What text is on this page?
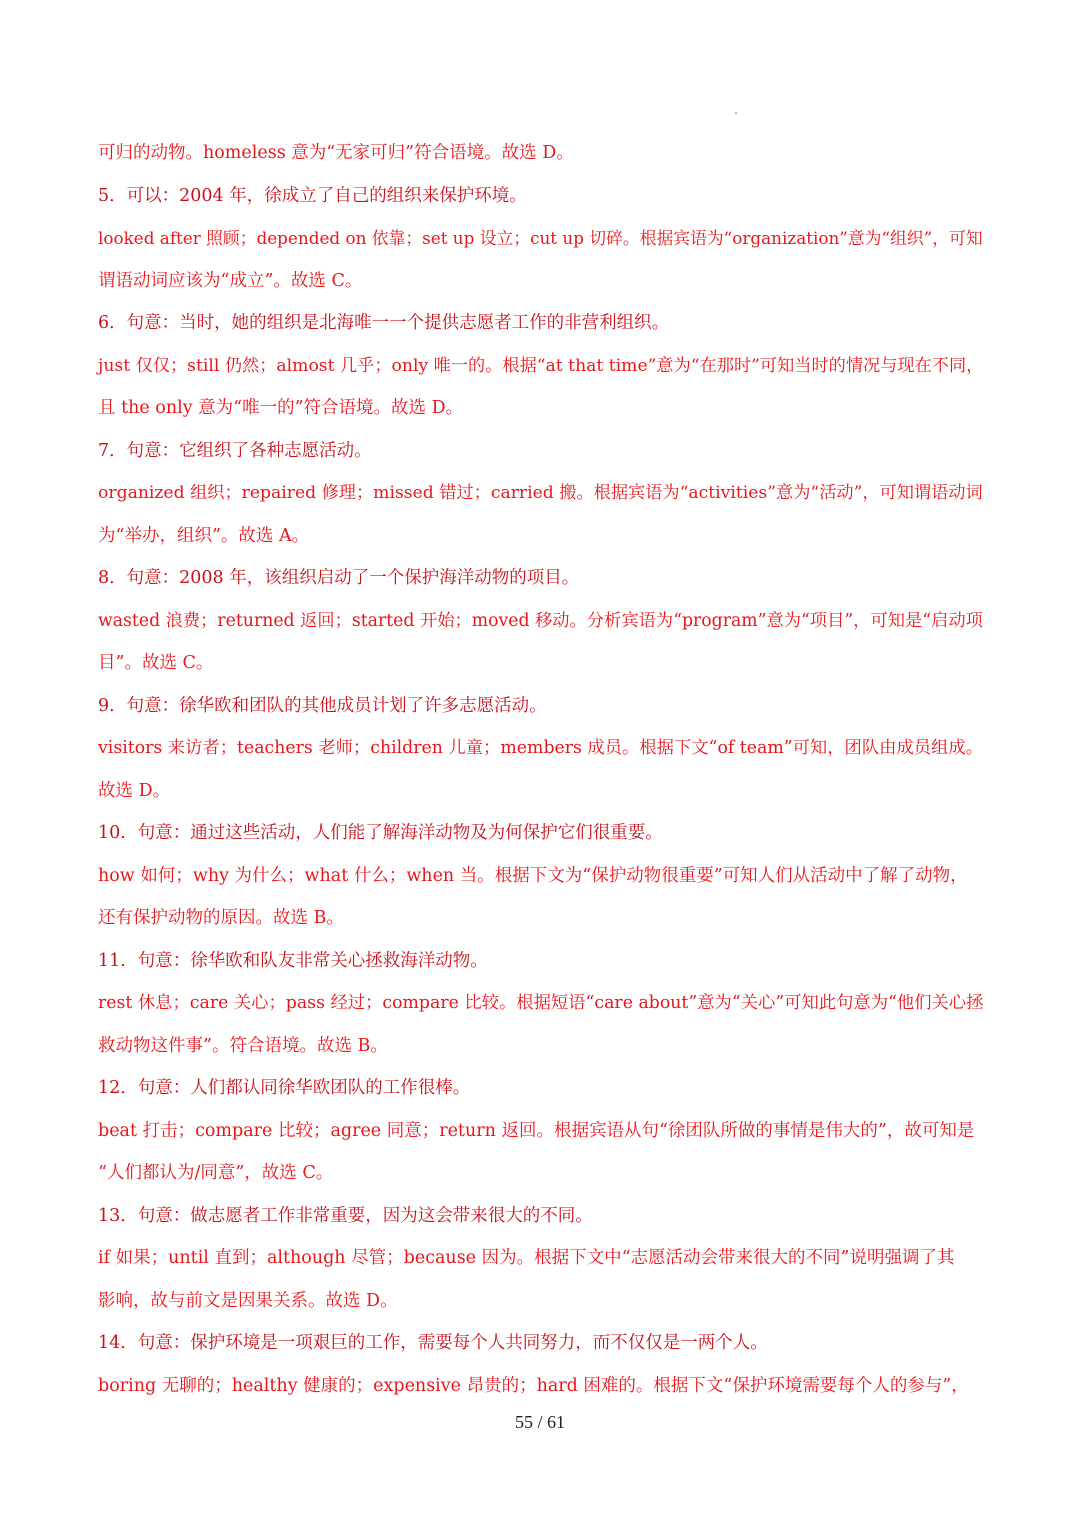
可归的动物。homeless 意为“无家可归”符合语境。故选 D。
5．可以：2004 年，徐成立了自己的组织来保护环境。
looked after 照顾；depended on 依靠；set up 设立；cut up 切碎。根据宾语为“organization”意为“组织”，可知
谓语动词应该为“成立”。故选 C。
6．句意：当时，她的组织是北海唯一一个提供志愿者工作的非营利组织。
just 仅仅；still 仍然；almost 几乎；only 唯一的。根据“at that time”意为“在那时”可知当时的情况与现在不同，
且 the only 意为“唯一的”符合语境。故选 D。
7．句意：它组织了各种志愿活动。
organized 组织；repaired 修理；missed 错过；carried 搬。根据宾语为“activities”意为“活动”，可知谓语动词
为“举办，组织”。故选 A。
8．句意：2008 年，该组织启动了一个保护海洋动物的项目。
wasted 浪费；returned 返回；started 开始；moved 移动。分析宾语为“program”意为“项目”，可知是“启动项
目”。故选 C。
9．句意：徐华欧和团队的其他成员计划了许多志愿活动。
visitors 来访者；teachers 老师；children 儿童；members 成员。根据下文“of team”可知，团队由成员组成。
故选 D。
10．句意：通过这些活动，人们能了解海洋动物及为何保护它们很重要。
how 如何；why 为什么；what 什么；when 当。根据下文为“保护动物很重要”可知人们从活动中了解了动物，
还有保护动物的原因。故选 B。
11．句意：徐华欧和队友非常关心拯救海洋动物。
rest 休息；care 关心；pass 经过；compare 比较。根据短语“care about”意为“关心”可知此句意为“他们关心拯
救动物这件事”。符合语境。故选 B。
12．句意：人们都认同徐华欧团队的工作很棒。
beat 打击；compare 比较；agree 同意；return 返回。根据宾语从句“徐团队所做的事情是伟大的”，故可知是
“人们都认为/同意”，故选 C。
13．句意：做志愿者工作非常重要，因为这会带来很大的不同。
if 如果；until 直到；although 尽管；because 因为。根据下文中“志愿活动会带来很大的不同”说明强调了其
影响，故与前文是因果关系。故选 D。
14．句意：保护环境是一项艰巨的工作，需要每个人共同努力，而不仅仅是一两个人。
boring 无聊的；healthy 健康的；expensive 昂贵的；hard 困难的。根据下文“保护环境需要每个人的参与”，
55 / 61
